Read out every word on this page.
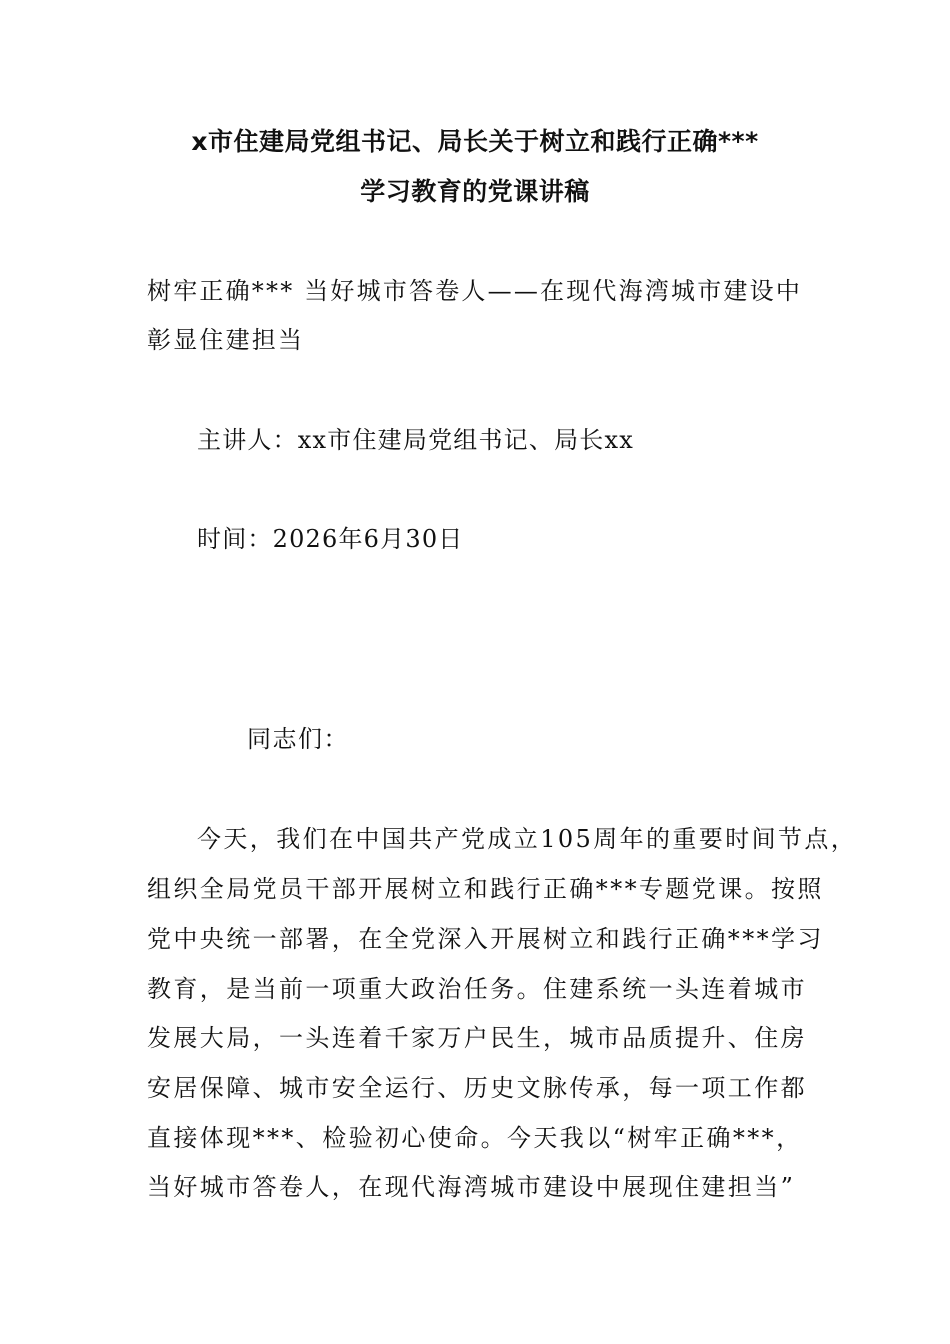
x市住建局党组书记、局长关于树立和践行正确***
学习教育的党课讲稿
树牢正确*** 当好城市答卷人——在现代海湾城市建设中
彰显住建担当
主讲人：xx市住建局党组书记、局长xx
时间：2026年6月30日
同志们：
今天，我们在中国共产党成立105周年的重要时间节点，
组织全局党员干部开展树立和践行正确***专题党课。按照
党中央统一部署，在全党深入开展树立和践行正确***学习
教育，是当前一项重大政治任务。住建系统一头连着城市
发展大局，一头连着千家万户民生，城市品质提升、住房
安居保障、城市安全运行、历史文脉传承，每一项工作都
直接体现***、检验初心使命。今天我以“树牢正确***，
当好城市答卷人，在现代海湾城市建设中展现住建担当”
